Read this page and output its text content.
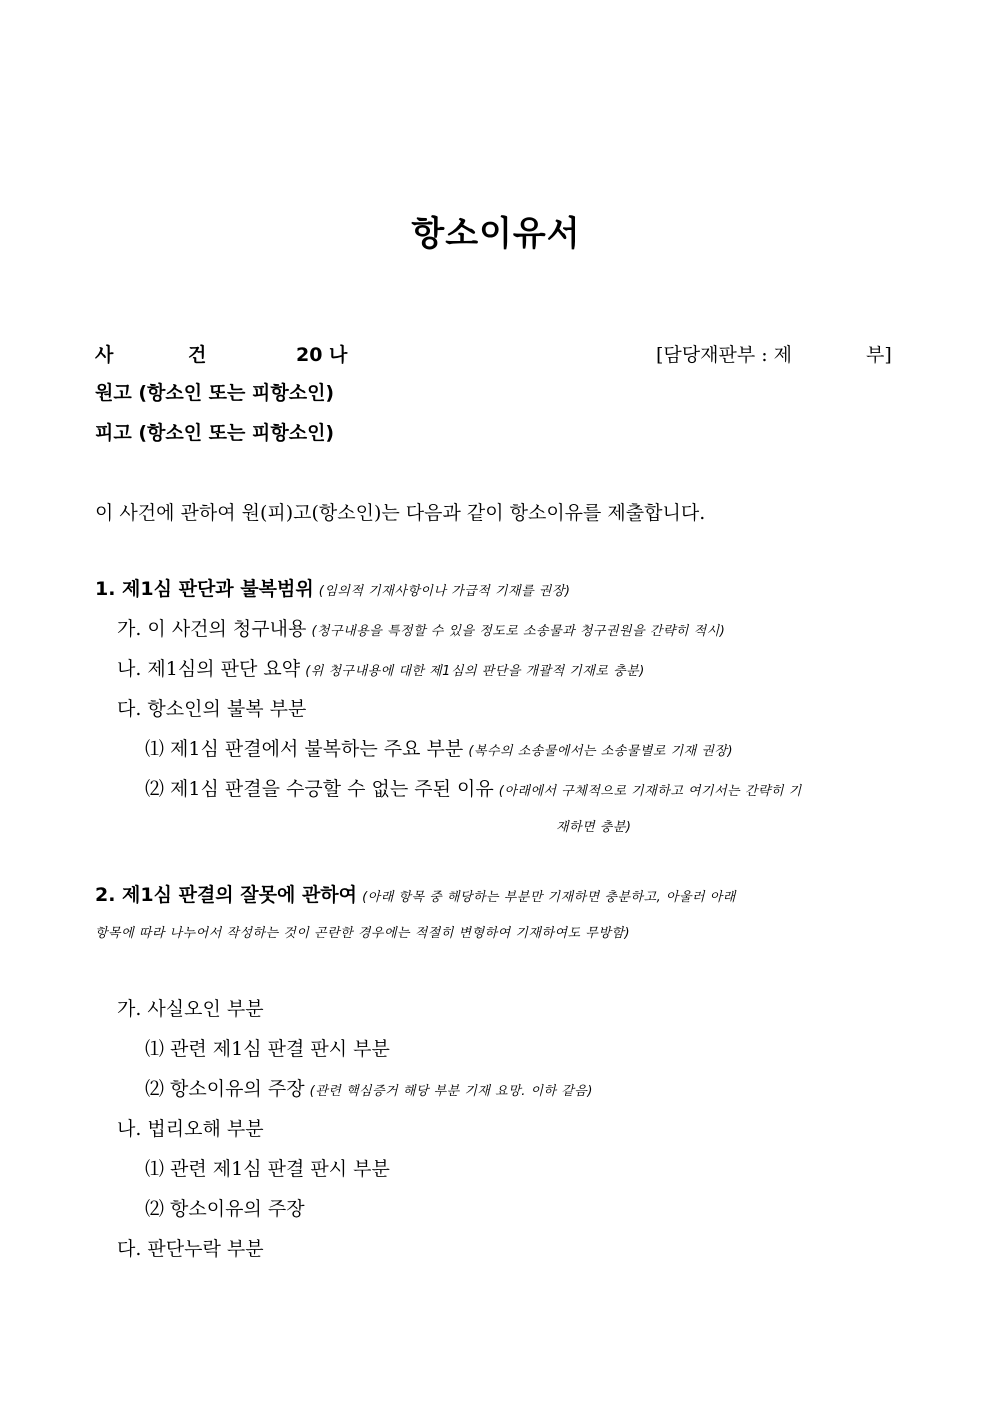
항소이유서
사	건	20 나	[담당재판부 : 제	부]
원고 (항소인 또는 피항소인)
피고 (항소인 또는 피항소인)
이 사건에 관하여 원(피)고(항소인)는 다음과 같이 항소이유를 제출합니다.
1. 제1심 판단과 불복범위 (임의적 기재사항이나 가급적 기재를 권장)
가. 이 사건의 청구내용 (청구내용을 특정할 수 있을 정도로 소송물과 청구권원을 간략히 적시)
나. 제1심의 판단 요약 (위 청구내용에 대한 제1심의 판단을 개괄적 기재로 충분)
다. 항소인의 불복 부분
⑴ 제1심 판결에서 불복하는 주요 부분 (복수의 소송물에서는 소송물별로 기재 권장)
⑵ 제1심 판결을 수긍할 수 없는 주된 이유 (아래에서 구체적으로 기재하고 여기서는 간략히 기
재하면 충분)
2. 제1심 판결의 잘못에 관하여 (아래 항목 중 해당하는 부분만 기재하면 충분하고, 아울러 아래
항목에 따라 나누어서 작성하는 것이 곤란한 경우에는 적절히 변형하여 기재하여도 무방함)
가. 사실오인 부분
⑴ 관련 제1심 판결 판시 부분
⑵ 항소이유의 주장 (관련 핵심증거 해당 부분 기재 요망. 이하 같음)
나. 법리오해 부분
⑴ 관련 제1심 판결 판시 부분
⑵ 항소이유의 주장
다. 판단누락 부분
